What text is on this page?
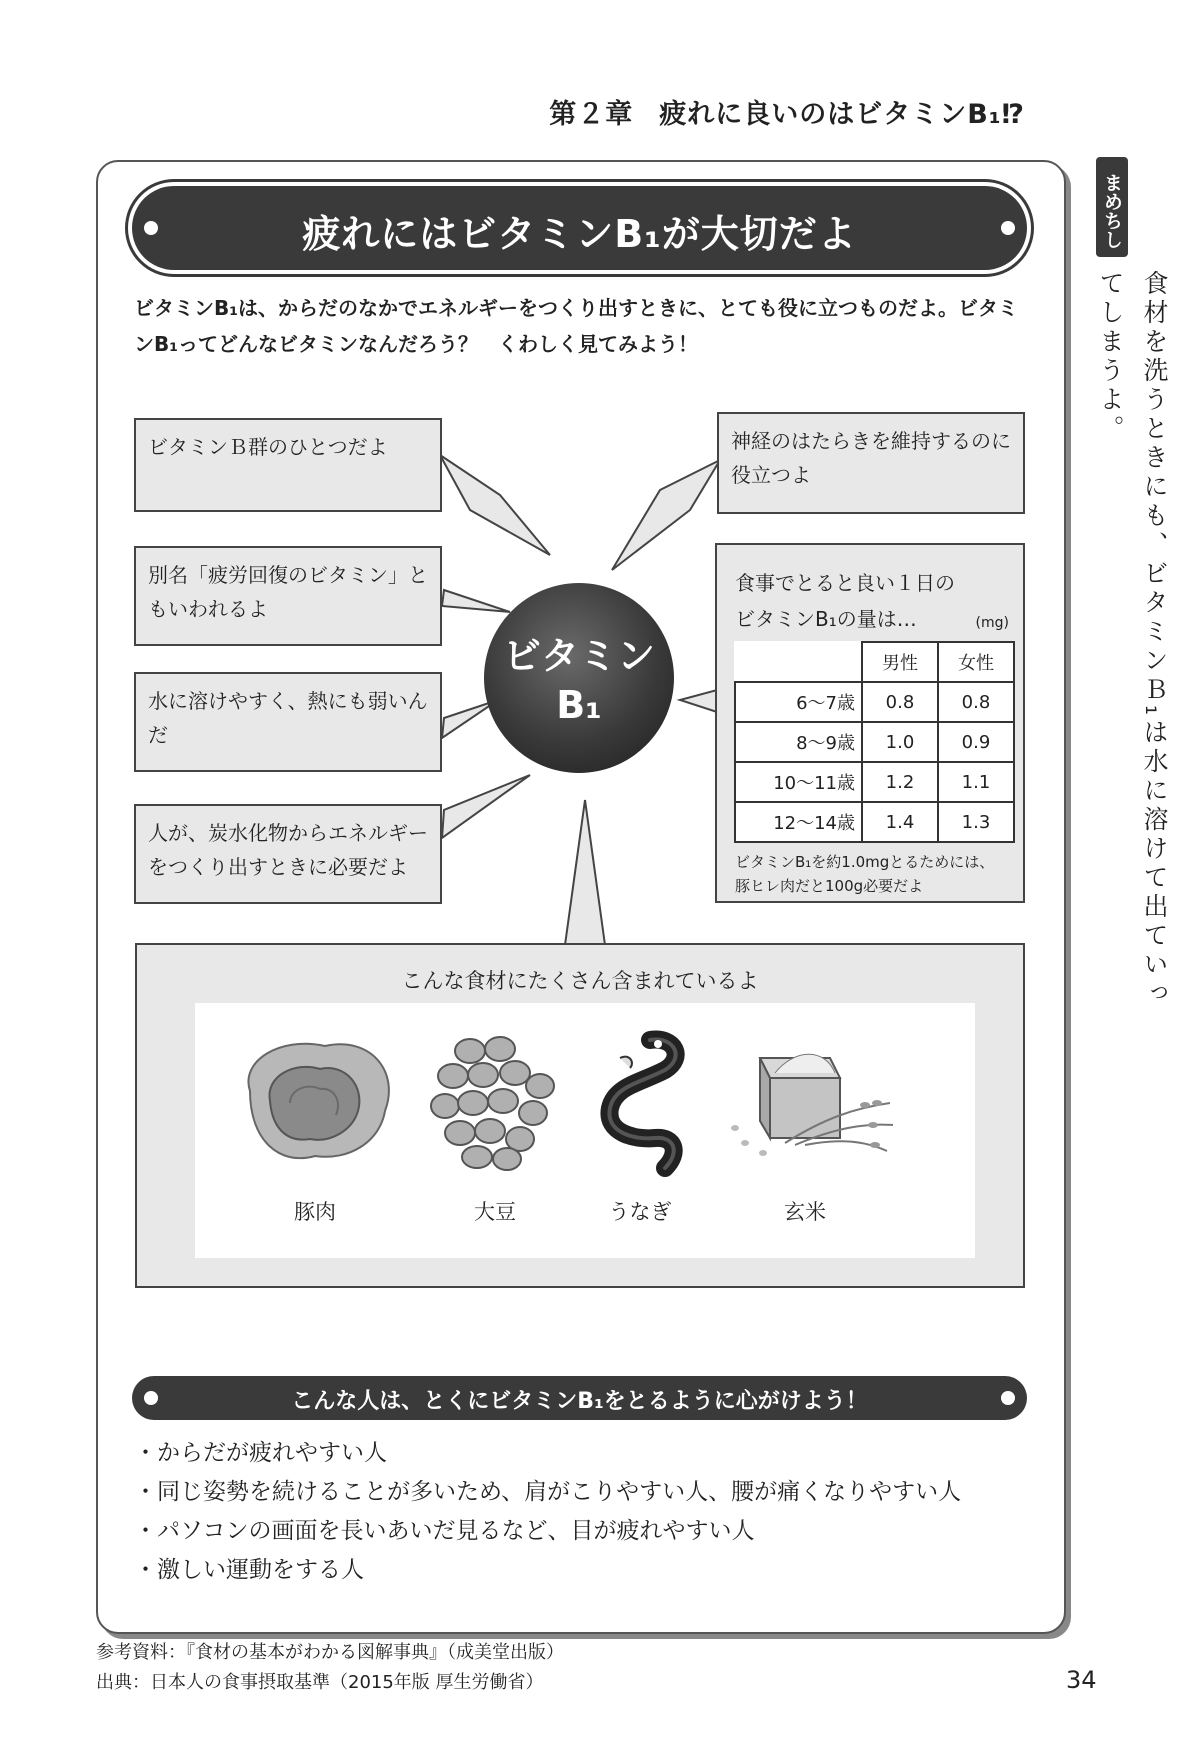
第２章 疲れに良いのはビタミンB₁⁉
まめちしき
食材を洗うときにも、ビタミンＢ₁は水に溶けて出ていってしまうよ。
疲れにはビタミンB₁が大切だよ
ビタミンB₁は、からだのなかでエネルギーをつくり出すときに、とても役に立つものだよ。ビタミンB₁ってどんなビタミンなんだろう？　くわしく見てみよう！
ビタミンＢ群のひとつだよ
別名「疲労回復のビタミン」ともいわれるよ
水に溶けやすく、熱にも弱いんだ
人が、炭水化物からエネルギーをつくり出すときに必要だよ
神経のはたらきを維持するのに役立つよ
ビタミン
B₁
食事でとると良い１日の
ビタミンB₁の量は…	(mg)
	男性	女性
6～7歳	0.8	0.8
8～9歳	1.0	0.9
10～11歳	1.2	1.1
12～14歳	1.4	1.3
ビタミンB₁を約1.0mgとるためには、
豚ヒレ肉だと100g必要だよ
こんな食材にたくさん含まれているよ
豚肉	大豆	うなぎ	玄米
こんな人は、とくにビタミンB₁をとるように心がけよう！
・ からだが疲れやすい人
・ 同じ姿勢を続けることが多いため、肩がこりやすい人、腰が痛くなりやすい人
・ パソコンの画面を長いあいだ見るなど、目が疲れやすい人
・ 激しい運動をする人
参考資料：『食材の基本がわかる図解事典』（成美堂出版）
出典：日本人の食事摂取基準（2015年版 厚生労働省）	34
